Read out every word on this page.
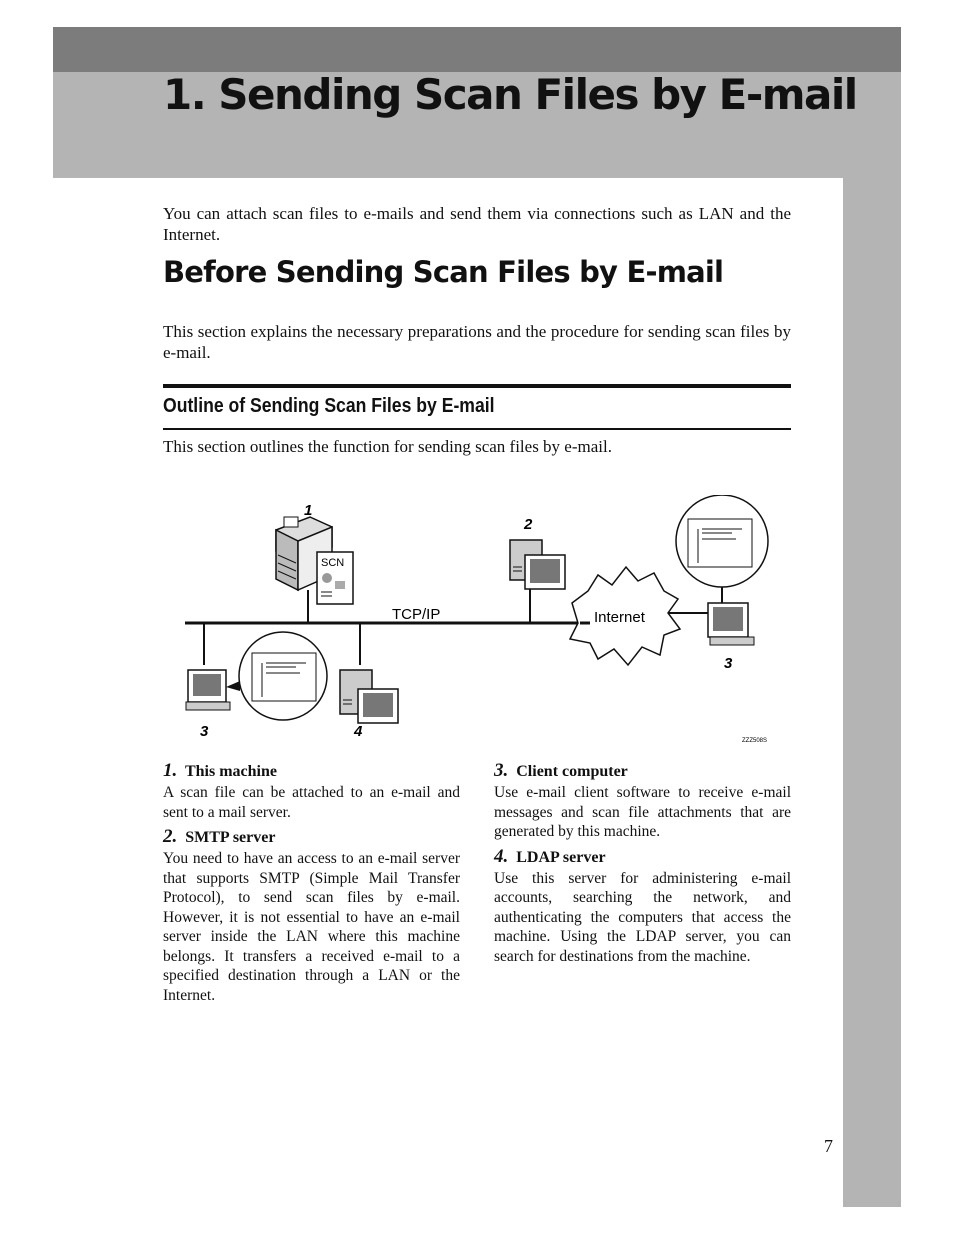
1. Sending Scan Files by E-mail

You can attach scan files to e-mails and send them via connections such as LAN and the Internet.

Before Sending Scan Files by E-mail

This section explains the necessary preparations and the procedure for sending scan files by e-mail.

Outline of Sending Scan Files by E-mail

This section outlines the function for sending scan files by e-mail.

TCP/IP
SCN
1
2
Internet
3
3	4
ZZZ508S

1. This machine

A scan file can be attached to an e-mail and sent to a mail server.

2. SMTP server

You need to have an access to an e-mail server that supports SMTP (Simple Mail Transfer Protocol), to send scan files by e-mail. However, it is not essential to have an e-mail server inside the LAN where this machine belongs. It transfers a received e-mail to a specified destination through a LAN or the Internet.

3. Client computer

Use e-mail client software to receive e-mail messages and scan file attachments that are generated by this machine.

4. LDAP server

Use this server for administering e-mail accounts, searching the network, and authenticating the computers that access the machine. Using the LDAP server, you can search for destinations from the machine.

7
